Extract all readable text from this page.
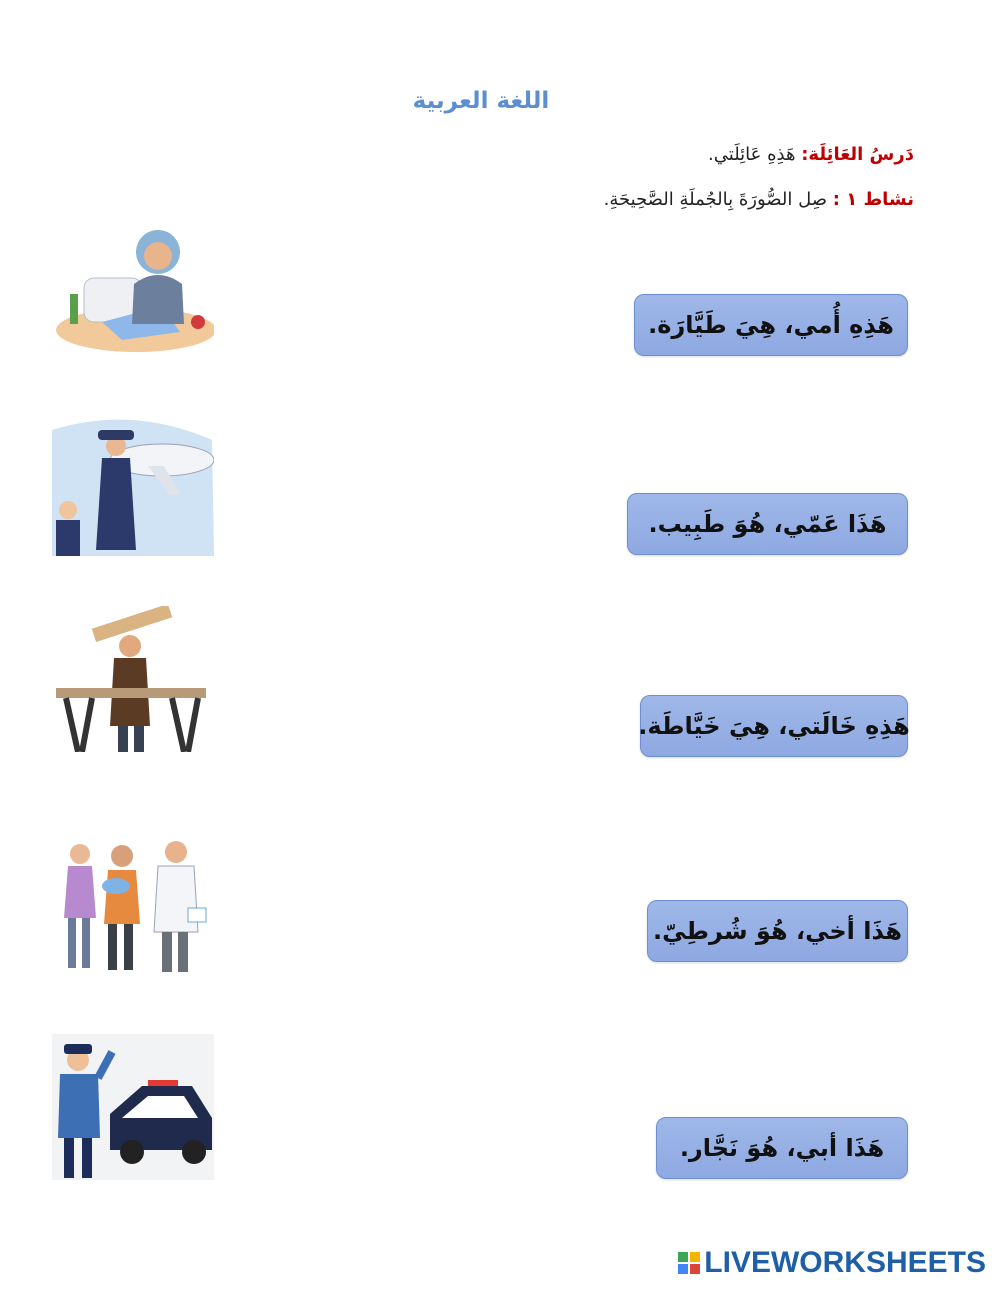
اللغة العربية
دَرسُ العَائِلَة: هَذِهِ عَائِلَتي.
نشاط ١ : صِل الصُّورَةَ بِالجُملَةِ الصَّحِيحَةِ.
هَذِهِ أُمي، هِيَ طَيَّارَة.
هَذَا عَمّي، هُوَ طَبِيب.
هَذِهِ خَالَتي، هِيَ خَيَّاطَة.
هَذَا أخي، هُوَ شُرطِيّ.
هَذَا أبي، هُوَ نَجَّار.
LIVEWORKSHEETS
